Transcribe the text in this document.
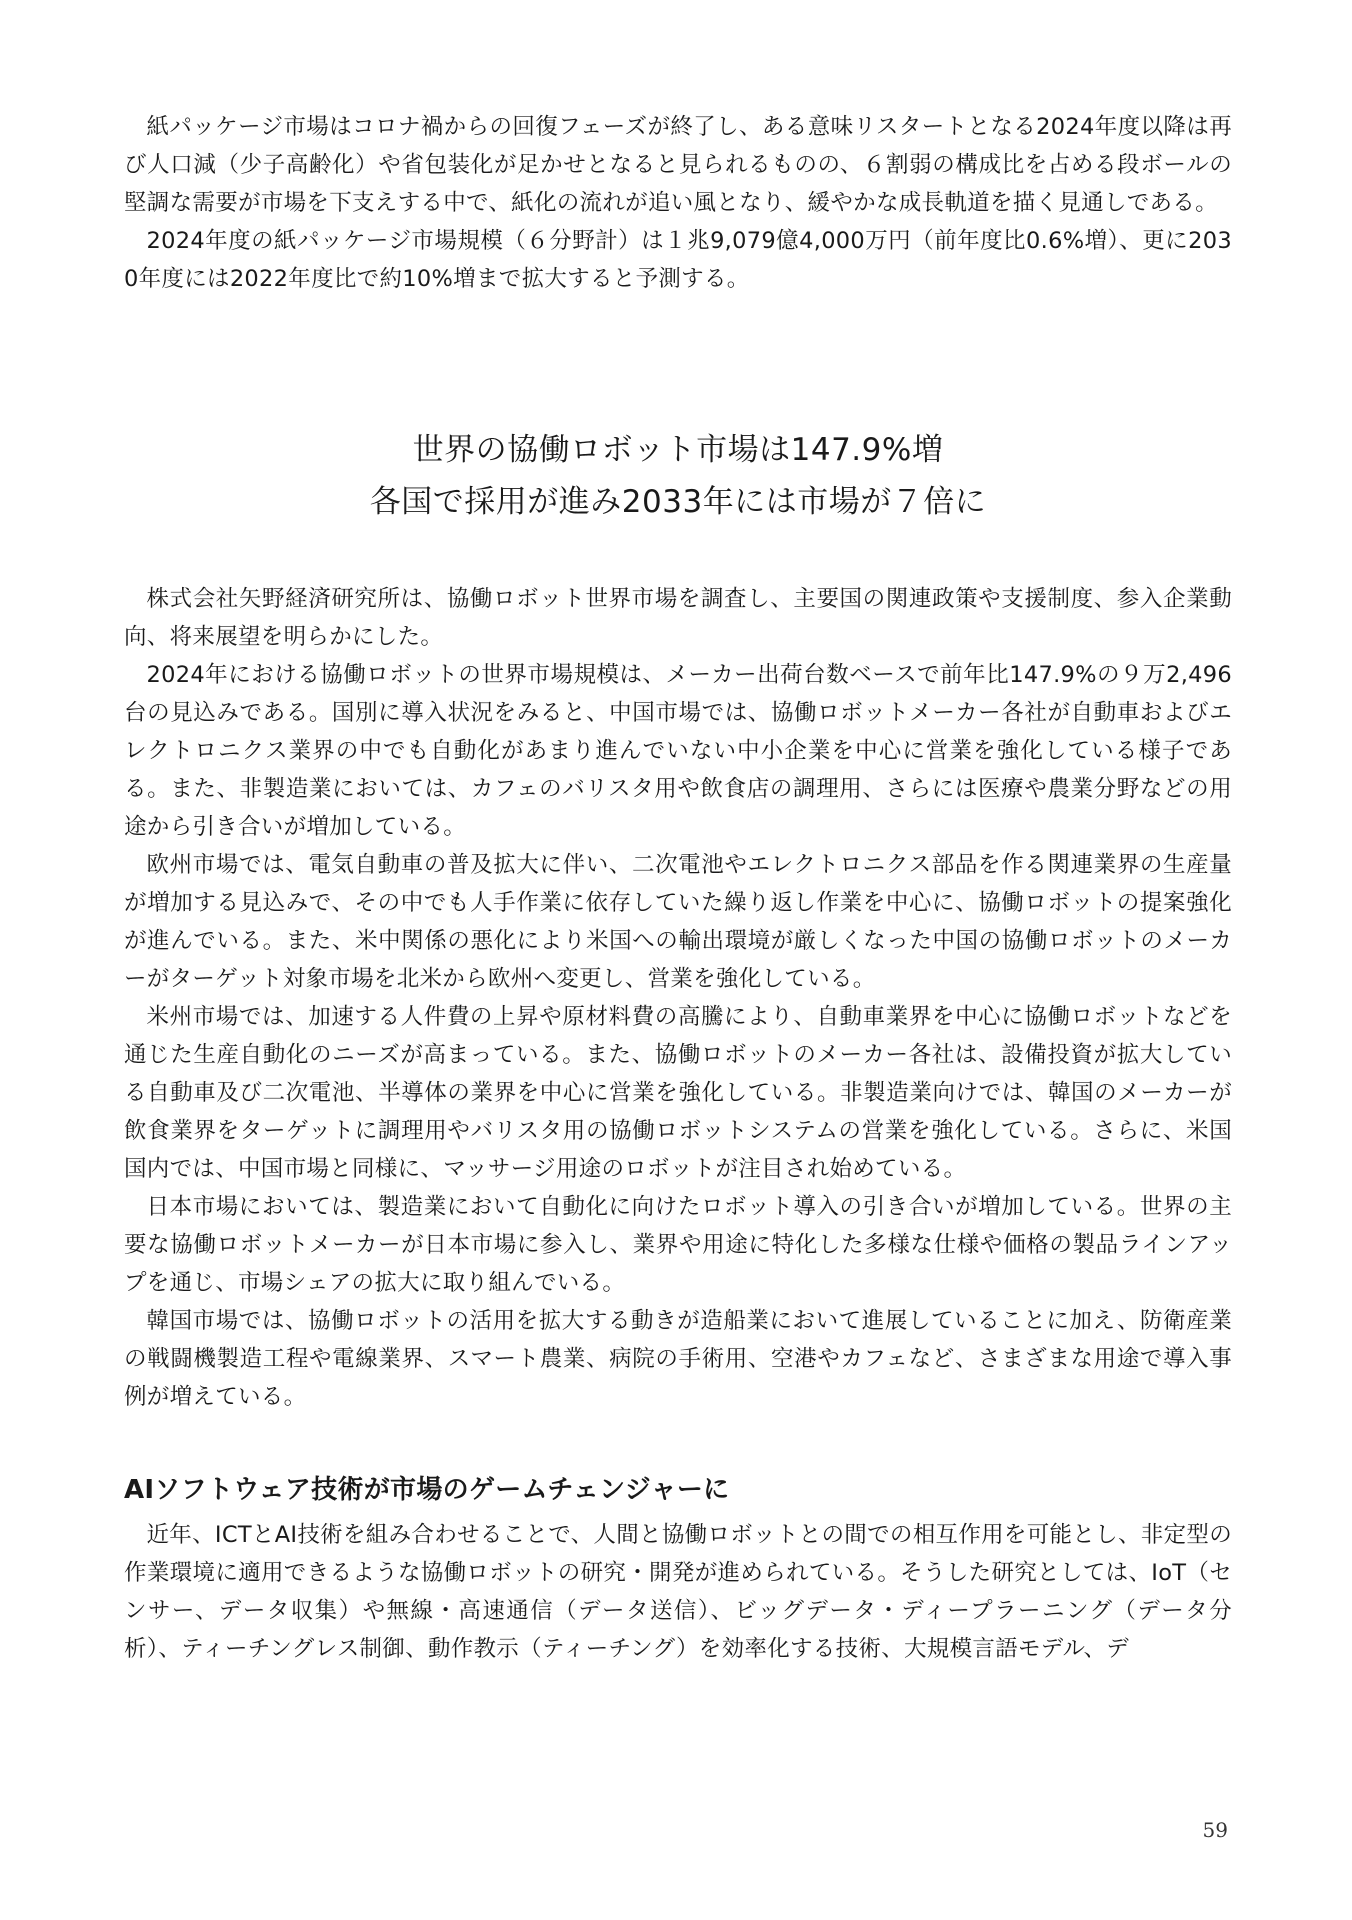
紙パッケージ市場はコロナ禍からの回復フェーズが終了し、ある意味リスタートとなる2024年度以降は再び人口減（少子高齢化）や省包装化が足かせとなると見られるものの、６割弱の構成比を占める段ボールの堅調な需要が市場を下支えする中で、紙化の流れが追い風となり、緩やかな成長軌道を描く見通しである。

2024年度の紙パッケージ市場規模（６分野計）は１兆9,079億4,000万円（前年度比0.6%増）、更に2030年度には2022年度比で約10%増まで拡大すると予測する。

世界の協働ロボット市場は147.9%増
各国で採用が進み2033年には市場が７倍に

株式会社矢野経済研究所は、協働ロボット世界市場を調査し、主要国の関連政策や支援制度、参入企業動向、将来展望を明らかにした。

2024年における協働ロボットの世界市場規模は、メーカー出荷台数ベースで前年比147.9%の９万2,496台の見込みである。国別に導入状況をみると、中国市場では、協働ロボットメーカー各社が自動車およびエレクトロニクス業界の中でも自動化があまり進んでいない中小企業を中心に営業を強化している様子である。また、非製造業においては、カフェのバリスタ用や飲食店の調理用、さらには医療や農業分野などの用途から引き合いが増加している。

欧州市場では、電気自動車の普及拡大に伴い、二次電池やエレクトロニクス部品を作る関連業界の生産量が増加する見込みで、その中でも人手作業に依存していた繰り返し作業を中心に、協働ロボットの提案強化が進んでいる。また、米中関係の悪化により米国への輸出環境が厳しくなった中国の協働ロボットのメーカーがターゲット対象市場を北米から欧州へ変更し、営業を強化している。

米州市場では、加速する人件費の上昇や原材料費の高騰により、自動車業界を中心に協働ロボットなどを通じた生産自動化のニーズが高まっている。また、協働ロボットのメーカー各社は、設備投資が拡大している自動車及び二次電池、半導体の業界を中心に営業を強化している。非製造業向けでは、韓国のメーカーが飲食業界をターゲットに調理用やバリスタ用の協働ロボットシステムの営業を強化している。さらに、米国国内では、中国市場と同様に、マッサージ用途のロボットが注目され始めている。

日本市場においては、製造業において自動化に向けたロボット導入の引き合いが増加している。世界の主要な協働ロボットメーカーが日本市場に参入し、業界や用途に特化した多様な仕様や価格の製品ラインアップを通じ、市場シェアの拡大に取り組んでいる。

韓国市場では、協働ロボットの活用を拡大する動きが造船業において進展していることに加え、防衛産業の戦闘機製造工程や電線業界、スマート農業、病院の手術用、空港やカフェなど、さまざまな用途で導入事例が増えている。

AIソフトウェア技術が市場のゲームチェンジャーに

近年、ICTとAI技術を組み合わせることで、人間と協働ロボットとの間での相互作用を可能とし、非定型の作業環境に適用できるような協働ロボットの研究・開発が進められている。そうした研究としては、IoT（センサー、データ収集）や無線・高速通信（データ送信）、ビッグデータ・ディープラーニング（データ分析）、ティーチングレス制御、動作教示（ティーチング）を効率化する技術、大規模言語モデル、デ

59
